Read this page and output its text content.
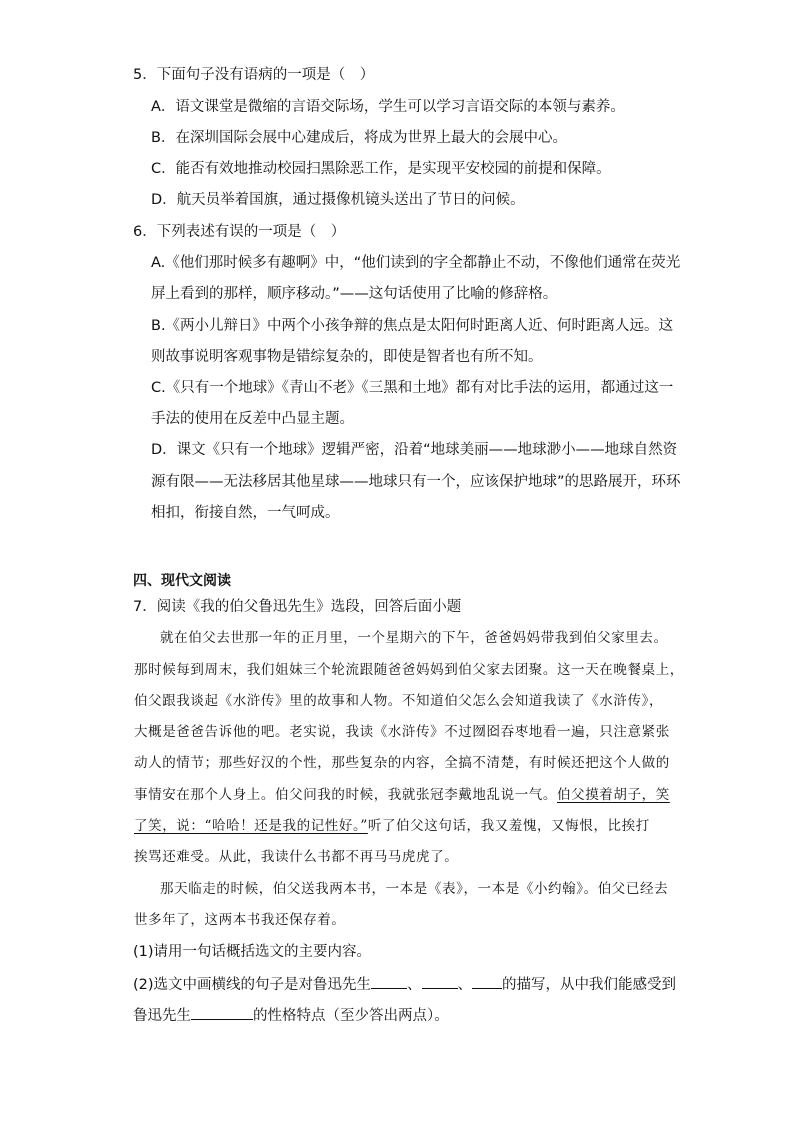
5．下面句子没有语病的一项是（　）
A．语文课堂是微缩的言语交际场，学生可以学习言语交际的本领与素养。
B．在深圳国际会展中心建成后，将成为世界上最大的会展中心。
C．能否有效地推动校园扫黑除恶工作，是实现平安校园的前提和保障。
D．航天员举着国旗，通过摄像机镜头送出了节日的问候。
6．下列表述有误的一项是（　）
A.《他们那时候多有趣啊》中，“他们读到的字全都静止不动，不像他们通常在荧光
屏上看到的那样，顺序移动。”——这句话使用了比喻的修辞格。
B.《两小儿辩日》中两个小孩争辩的焦点是太阳何时距离人近、何时距离人远。这
则故事说明客观事物是错综复杂的，即使是智者也有所不知。
C.《只有一个地球》《青山不老》《三黑和土地》都有对比手法的运用，都通过这一
手法的使用在反差中凸显主题。
D．课文《只有一个地球》逻辑严密，沿着“地球美丽——地球渺小——地球自然资
源有限——无法移居其他星球——地球只有一个，应该保护地球”的思路展开，环环
相扣，衔接自然，一气呵成。
四、现代文阅读
7．阅读《我的伯父鲁迅先生》选段，回答后面小题
就在伯父去世那一年的正月里，一个星期六的下午，爸爸妈妈带我到伯父家里去。
那时候每到周末，我们姐妹三个轮流跟随爸爸妈妈到伯父家去团聚。这一天在晚餐桌上，
伯父跟我谈起《水浒传》里的故事和人物。不知道伯父怎么会知道我读了《水浒传》，
大概是爸爸告诉他的吧。老实说，我读《水浒传》不过囫囵吞枣地看一遍，只注意紧张
动人的情节；那些好汉的个性，那些复杂的内容，全搞不清楚，有时候还把这个人做的
事情安在那个人身上。伯父问我的时候，我就张冠李戴地乱说一气。伯父摸着胡子，笑
了笑，说：“哈哈！还是我的记性好。”听了伯父这句话，我又羞愧，又悔恨，比挨打
挨骂还难受。从此，我读什么书都不再马马虎虎了。
那天临走的时候，伯父送我两本书，一本是《表》，一本是《小约翰》。伯父已经去
世多年了，这两本书我还保存着。
(1)请用一句话概括选文的主要内容。
(2)选文中画横线的句子是对鲁迅先生 、 、 的描写，从中我们能感受到
鲁迅先生	的性格特点（至少答出两点）。
